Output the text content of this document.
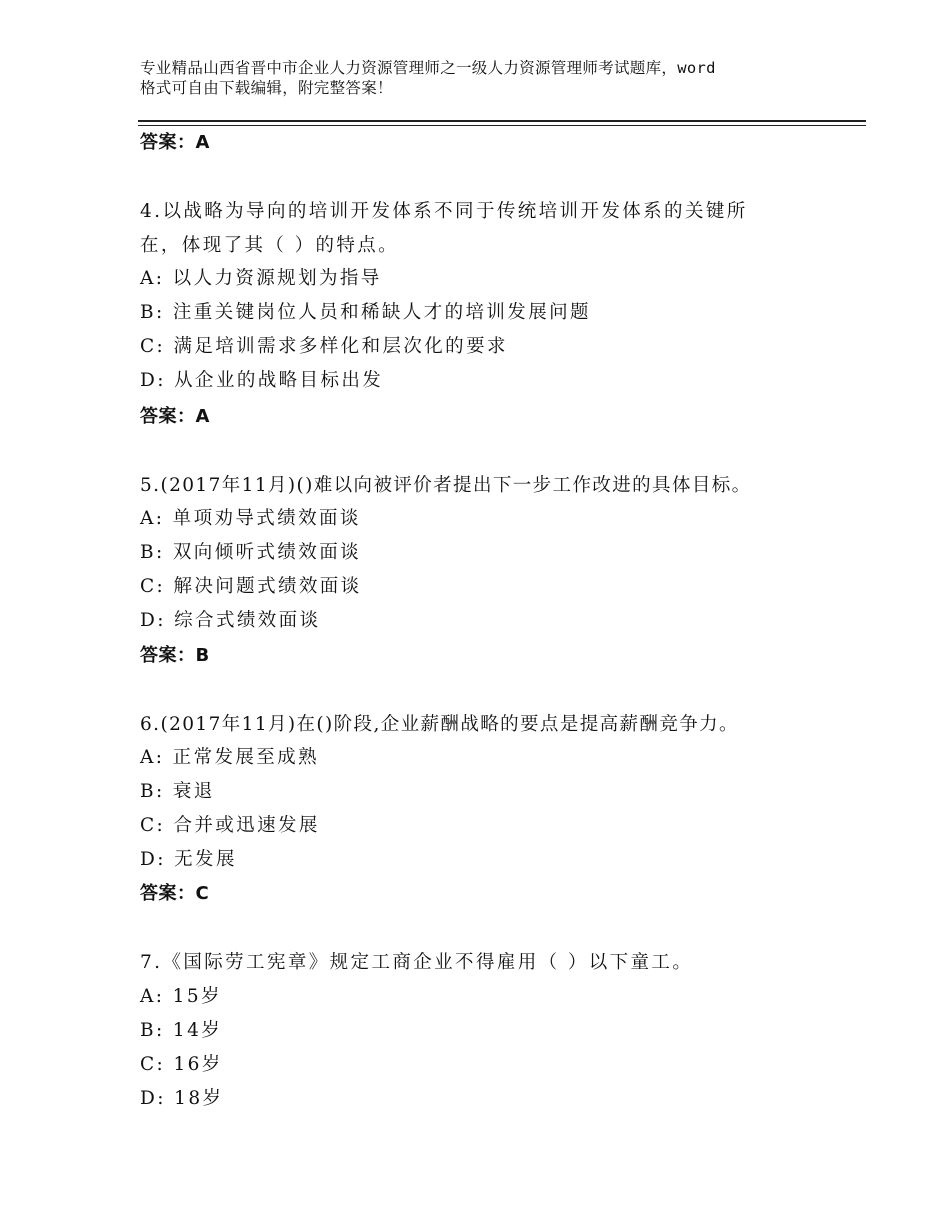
专业精品山西省晋中市企业人力资源管理师之一级人力资源管理师考试题库，word
格式可自由下载编辑，附完整答案！
答案：A
4.以战略为导向的培训开发体系不同于传统培训开发体系的关键所
在，体现了其（ ）的特点。
A: 以人力资源规划为指导
B: 注重关键岗位人员和稀缺人才的培训发展问题
C: 满足培训需求多样化和层次化的要求
D: 从企业的战略目标出发
答案：A
5.(2017年11月)()难以向被评价者提出下一步工作改进的具体目标。
A: 单项劝导式绩效面谈
B: 双向倾听式绩效面谈
C: 解决问题式绩效面谈
D: 综合式绩效面谈
答案：B
6.(2017年11月)在()阶段,企业薪酬战略的要点是提高薪酬竞争力。
A: 正常发展至成熟
B: 衰退
C: 合并或迅速发展
D: 无发展
答案：C
7.《国际劳工宪章》规定工商企业不得雇用（ ）以下童工。
A: 15岁
B: 14岁
C: 16岁
D: 18岁
